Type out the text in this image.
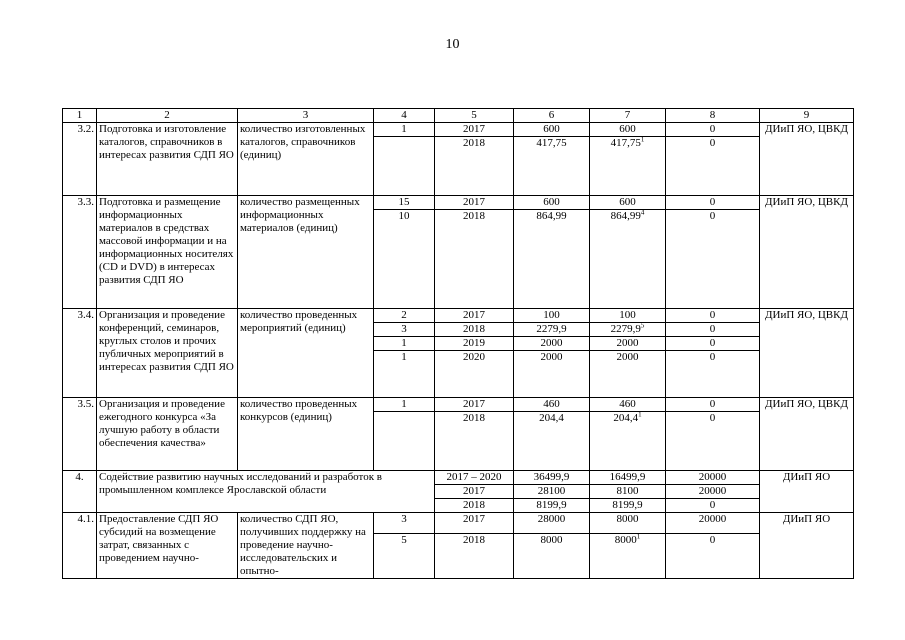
10
1	2	3	4	5	6	7	8	9
3.2.	Подготовка и изготовление каталогов, справочников в интересах развития СДП ЯО	количество изготовленных каталогов, справочников (единиц)	1	2017	600	600	0	ДИиП ЯО, ЦВКД
				2018	417,75	417,75$^1$	0	
3.3.	Подготовка и размещение информационных материалов в средствах массовой информации и на информационных носителях (CD и DVD) в интересах развития СДП ЯО	количество размещенных информационных материалов (единиц)	15	2017	600	600	0	ДИиП ЯО, ЦВКД
			10	2018	864,99	864,99$^4$	0	
3.4.	Организация и проведение конференций, семинаров, круглых столов и прочих публичных мероприятий в интересах развития СДП ЯО	количество проведенных мероприятий (единиц)	2	2017	100	100	0	ДИиП ЯО, ЦВКД
			3	2018	2279,9	2279,9$^5$	0	
			1	2019	2000	2000	0	
			1	2020	2000	2000	0	
3.5.	Организация и проведение ежегодного конкурса «За лучшую работу в области обеспечения качества»	количество проведенных конкурсов (единиц)	1	2017	460	460	0	ДИиП ЯО, ЦВКД
				2018	204,4	204,4$^1$	0	
4.	Содействие развитию научных исследований и разработок в промышленном комплексе Ярославской области			2017 – 2020	36499,9	16499,9	20000	ДИиП ЯО
				2017	28100	8100	20000	
				2018	8199,9	8199,9	0	
4.1.	Предоставление СДП ЯО субсидий на возмещение затрат, связанных с проведением научно-	количество СДП ЯО, получивших поддержку на проведение научно-исследовательских и опытно-	3	2017	28000	8000	20000	ДИиП ЯО
			5	2018	8000	8000$^1$	0	
